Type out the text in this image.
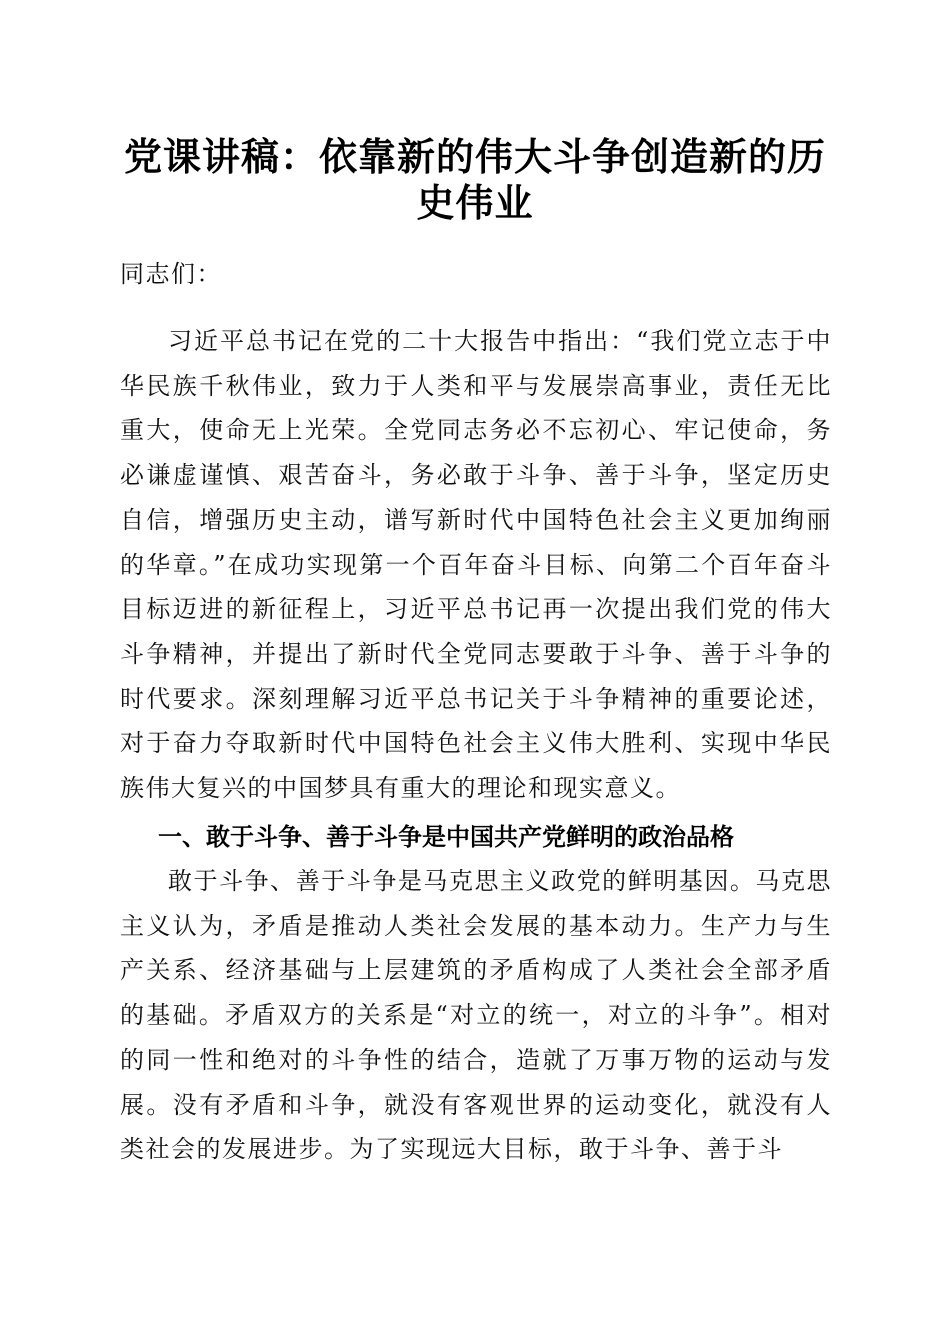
党课讲稿：依靠新的伟大斗争创造新的历史伟业

同志们：

习近平总书记在党的二十大报告中指出：“我们党立志于中华民族千秋伟业，致力于人类和平与发展崇高事业，责任无比重大，使命无上光荣。全党同志务必不忘初心、牢记使命，务必谦虚谨慎、艰苦奋斗，务必敢于斗争、善于斗争，坚定历史自信，增强历史主动，谱写新时代中国特色社会主义更加绚丽的华章。”在成功实现第一个百年奋斗目标、向第二个百年奋斗目标迈进的新征程上，习近平总书记再一次提出我们党的伟大斗争精神，并提出了新时代全党同志要敢于斗争、善于斗争的时代要求。深刻理解习近平总书记关于斗争精神的重要论述，对于奋力夺取新时代中国特色社会主义伟大胜利、实现中华民族伟大复兴的中国梦具有重大的理论和现实意义。

一、敢于斗争、善于斗争是中国共产党鲜明的政治品格

敢于斗争、善于斗争是马克思主义政党的鲜明基因。马克思主义认为，矛盾是推动人类社会发展的基本动力。生产力与生产关系、经济基础与上层建筑的矛盾构成了人类社会全部矛盾的基础。矛盾双方的关系是“对立的统一，对立的斗争”。相对的同一性和绝对的斗争性的结合，造就了万事万物的运动与发展。没有矛盾和斗争，就没有客观世界的运动变化，就没有人类社会的发展进步。为了实现远大目标，敢于斗争、善于斗
